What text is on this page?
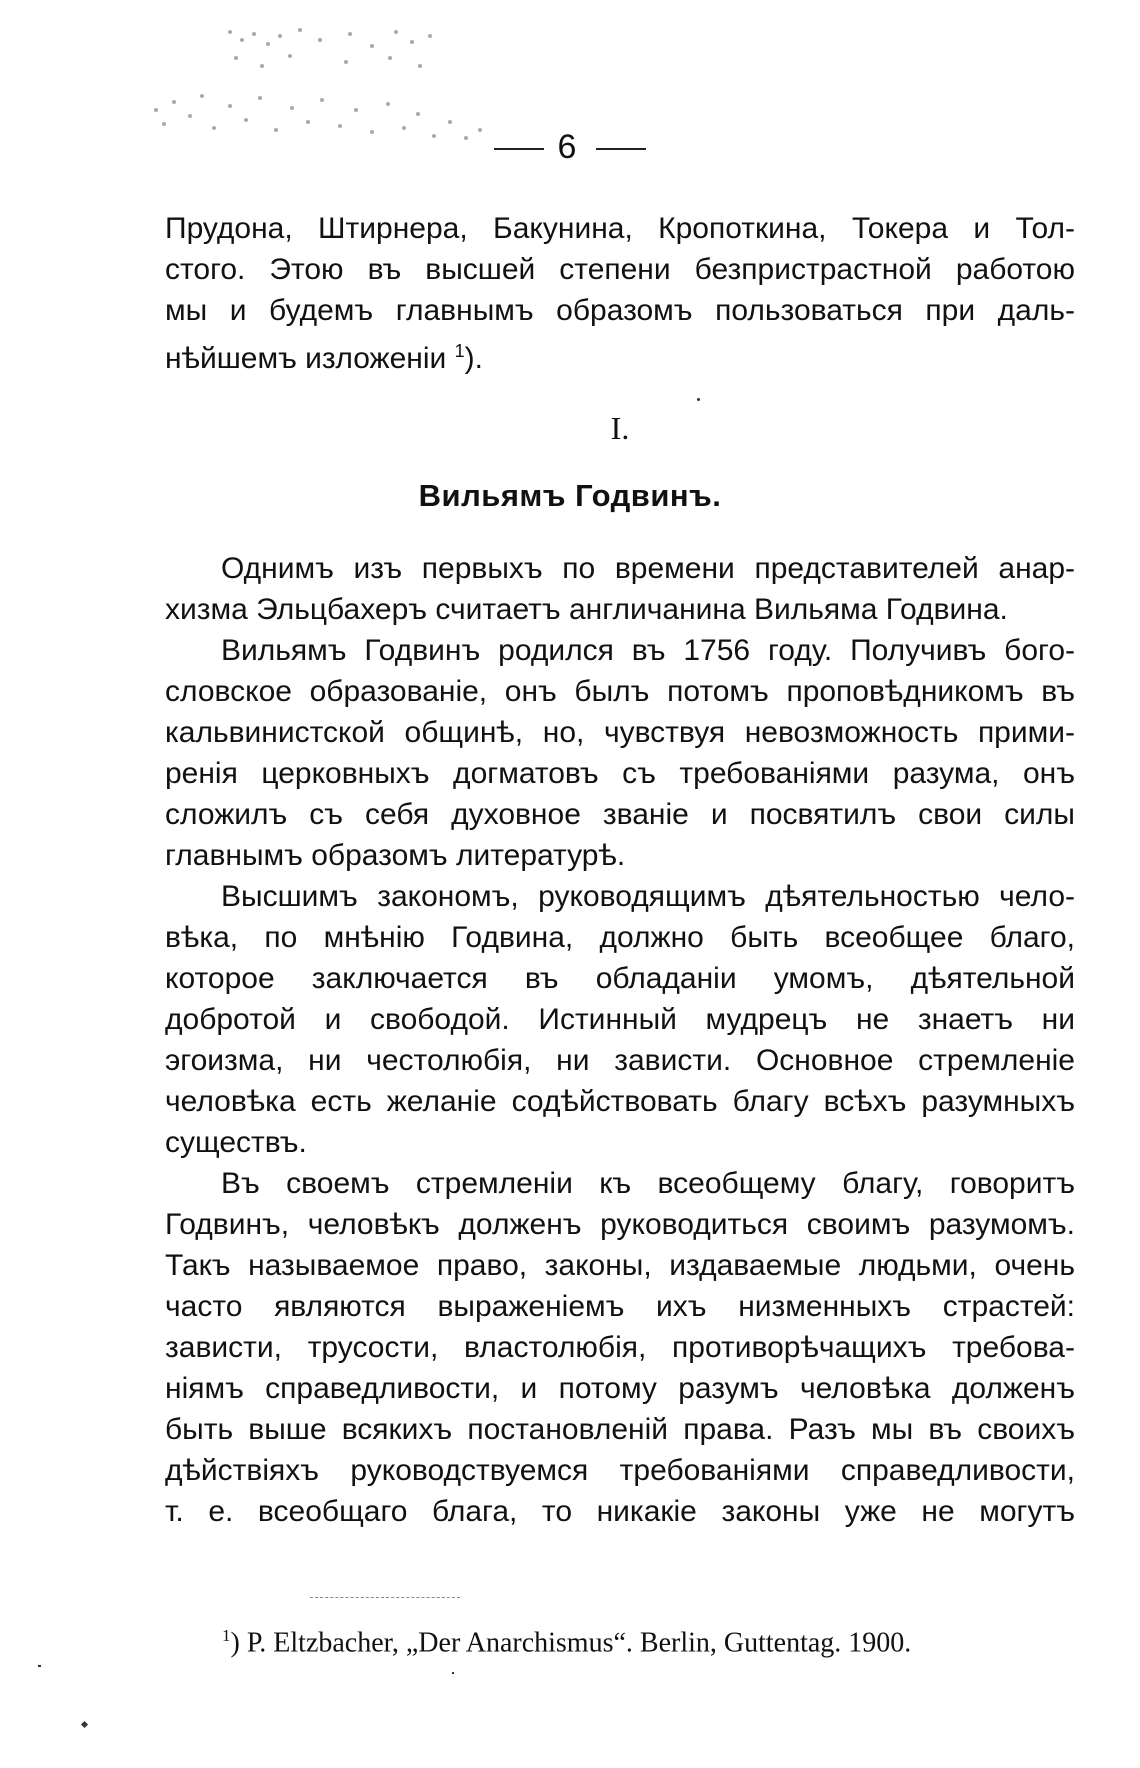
6
Прудона, Штирнера, Бакунина, Кропоткина, Токера и Тол-
стого. Этою въ высшей степени безпристрастной работою
мы и будемъ главнымъ образомъ пользоваться при даль-
нѣйшемъ изложеніи $^1$).
I.
Вильямъ Годвинъ.
Однимъ изъ первыхъ по времени представителей анар-
хизма Эльцбахеръ считаетъ англичанина Вильяма Годвина.
Вильямъ Годвинъ родился въ 1756 году. Получивъ бого-
словское образованіе, онъ былъ потомъ проповѣдникомъ въ
кальвинистской общинѣ, но, чувствуя невозможность прими-
ренія церковныхъ догматовъ съ требованіями разума, онъ
сложилъ съ себя духовное званіе и посвятилъ свои силы
главнымъ образомъ литературѣ.
Высшимъ закономъ, руководящимъ дѣятельностью чело-
вѣка, по мнѣнію Годвина, должно быть всеобщее благо,
которое заключается въ обладаніи умомъ, дѣятельной
добротой и свободой. Истинный мудрецъ не знаетъ ни
эгоизма, ни честолюбія, ни зависти. Основное стремленіе
человѣка есть желаніе содѣйствовать благу всѣхъ разумныхъ
существъ.
Въ своемъ стремленіи къ всеобщему благу, говоритъ
Годвинъ, человѣкъ долженъ руководиться своимъ разумомъ.
Такъ называемое право, законы, издаваемые людьми, очень
часто являются выраженіемъ ихъ низменныхъ страстей:
зависти, трусости, властолюбія, противорѣчащихъ требова-
ніямъ справедливости, и потому разумъ человѣка долженъ
быть выше всякихъ постановленій права. Разъ мы въ своихъ
дѣйствіяхъ руководствуемся требованіями справедливости,
т. е. всеобщаго блага, то никакіе законы уже не могутъ
$^1$) P. Eltzbacher, „Der Anarchismus“. Berlin, Guttentag. 1900.
